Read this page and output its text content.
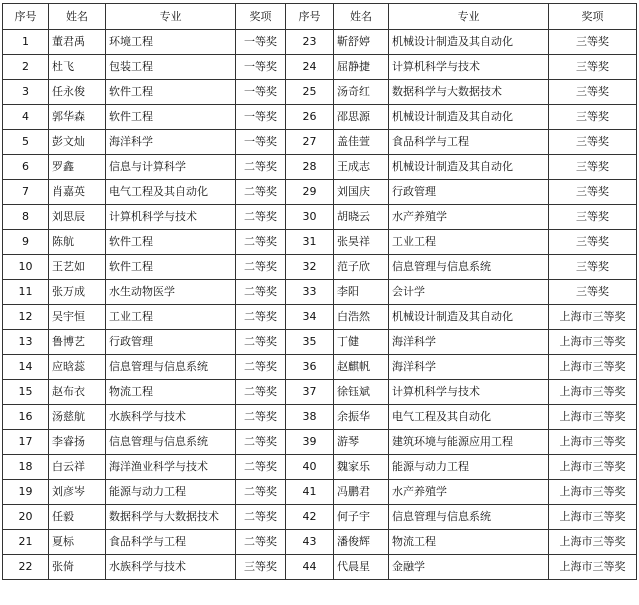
序号	姓名	专业	奖项	序号	姓名	专业	奖项
1	董君禹	环境工程	一等奖	23	靳舒婷	机械设计制造及其自动化	三等奖
2	杜飞	包装工程	一等奖	24	屈静捷	计算机科学与技术	三等奖
3	任永俊	软件工程	一等奖	25	汤奇红	数据科学与大数据技术	三等奖
4	郭华森	软件工程	一等奖	26	邵思源	机械设计制造及其自动化	三等奖
5	彭文灿	海洋科学	一等奖	27	盖佳萱	食品科学与工程	三等奖
6	罗鑫	信息与计算科学	二等奖	28	王成志	机械设计制造及其自动化	三等奖
7	肖嘉英	电气工程及其自动化	二等奖	29	刘国庆	行政管理	三等奖
8	刘思辰	计算机科学与技术	二等奖	30	胡晓云	水产养殖学	三等奖
9	陈航	软件工程	二等奖	31	张昊祥	工业工程	三等奖
10	王艺如	软件工程	二等奖	32	范子欣	信息管理与信息系统	三等奖
11	张万成	水生动物医学	二等奖	33	李阳	会计学	三等奖
12	吴宇恒	工业工程	二等奖	34	白浩然	机械设计制造及其自动化	上海市三等奖
13	鲁博艺	行政管理	二等奖	35	丁健	海洋科学	上海市三等奖
14	应晗蕊	信息管理与信息系统	二等奖	36	赵麒帆	海洋科学	上海市三等奖
15	赵布衣	物流工程	二等奖	37	徐钰斌	计算机科学与技术	上海市三等奖
16	汤慈航	水族科学与技术	二等奖	38	余振华	电气工程及其自动化	上海市三等奖
17	李睿扬	信息管理与信息系统	二等奖	39	游琴	建筑环境与能源应用工程	上海市三等奖
18	白云祥	海洋渔业科学与技术	二等奖	40	魏家乐	能源与动力工程	上海市三等奖
19	刘彦岑	能源与动力工程	二等奖	41	冯鹏君	水产养殖学	上海市三等奖
20	任毅	数据科学与大数据技术	二等奖	42	何子宇	信息管理与信息系统	上海市三等奖
21	夏标	食品科学与工程	二等奖	43	潘俊辉	物流工程	上海市三等奖
22	张倚	水族科学与技术	三等奖	44	代晨星	金融学	上海市三等奖
